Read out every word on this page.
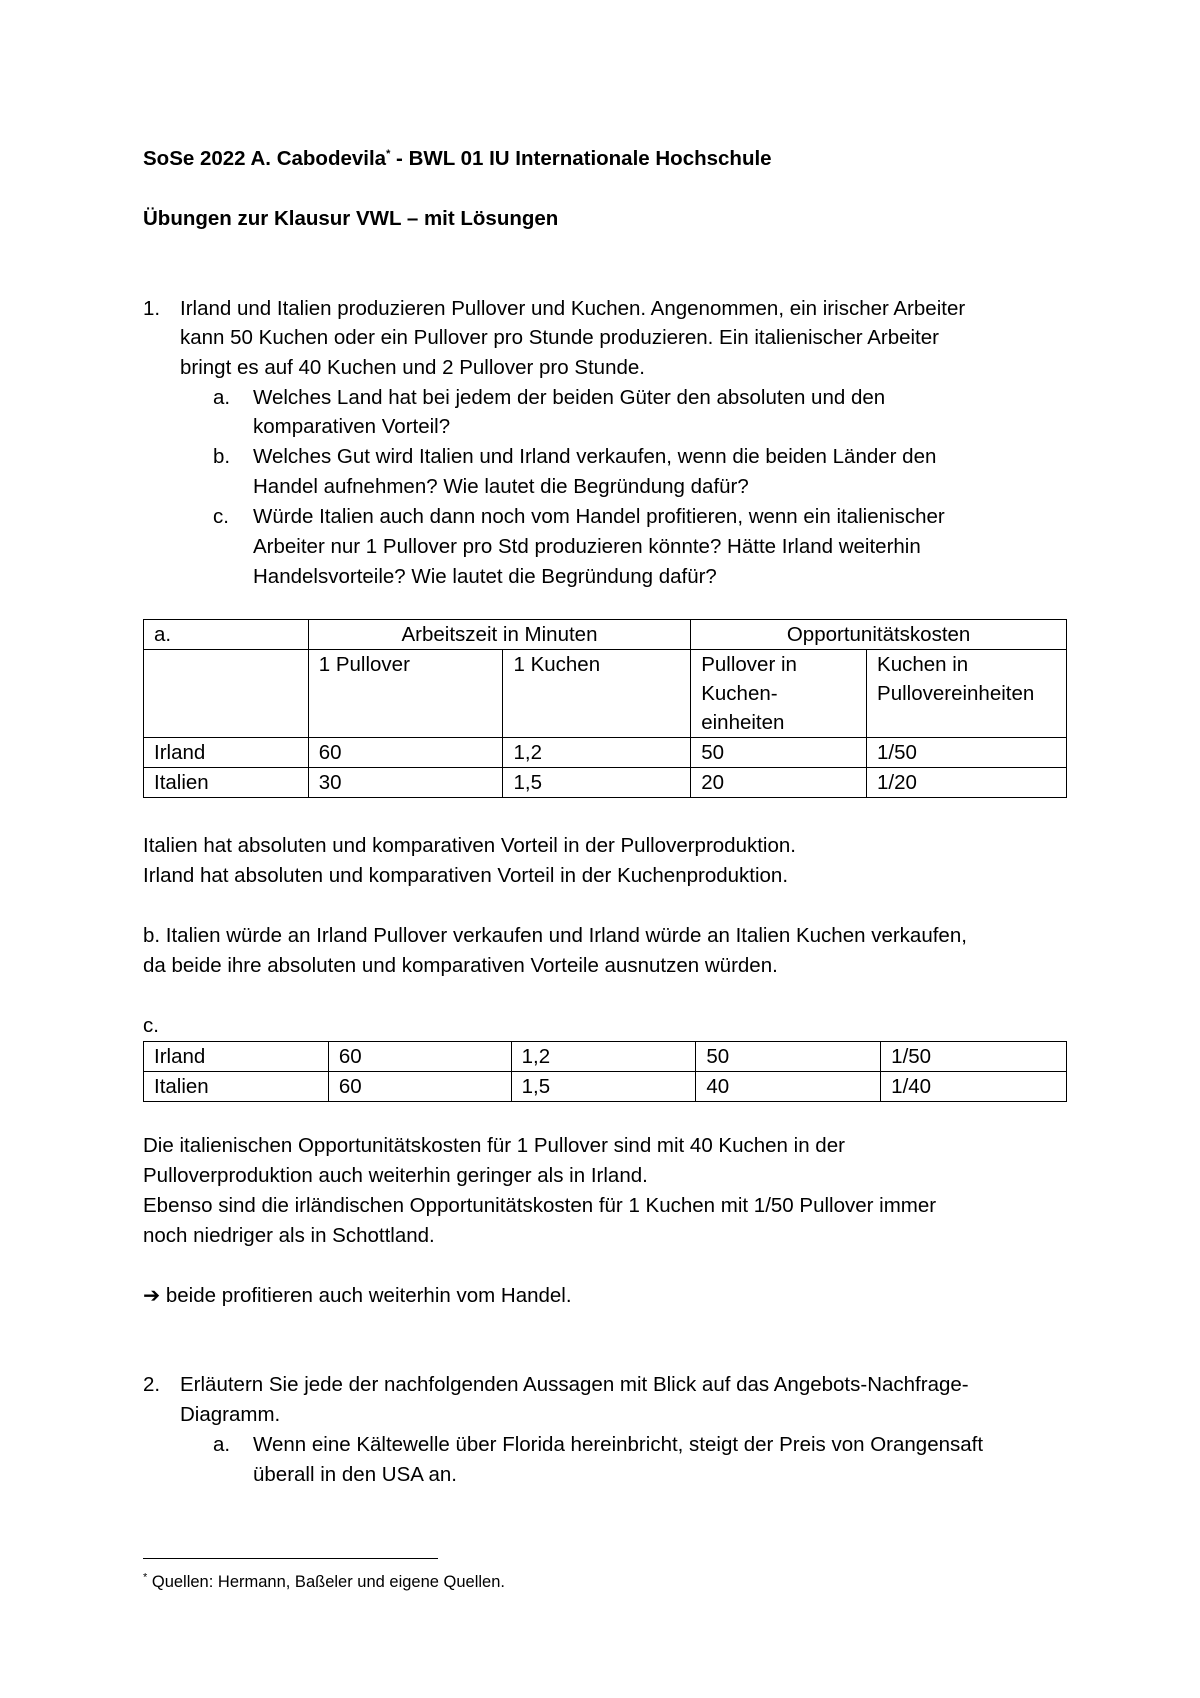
SoSe 2022 A. Cabodevila* - BWL 01 IU Internationale Hochschule
Übungen zur Klausur VWL – mit Lösungen
1. Irland und Italien produzieren Pullover und Kuchen. Angenommen, ein irischer Arbeiter
kann 50 Kuchen oder ein Pullover pro Stunde produzieren. Ein italienischer Arbeiter
bringt es auf 40 Kuchen und 2 Pullover pro Stunde.
a. Welches Land hat bei jedem der beiden Güter den absoluten und den
komparativen Vorteil?
b. Welches Gut wird Italien und Irland verkaufen, wenn die beiden Länder den
Handel aufnehmen? Wie lautet die Begründung dafür?
c. Würde Italien auch dann noch vom Handel profitieren, wenn ein italienischer
Arbeiter nur 1 Pullover pro Std produzieren könnte? Hätte Irland weiterhin
Handelsvorteile? Wie lautet die Begründung dafür?
a.	Arbeitszeit in Minuten		Opportunitätskosten	
	1 Pullover	1 Kuchen	Pullover in
Kuchen-
einheiten	Kuchen in
Pullovereinheiten
Irland	60	1,2	50	1/50
Italien	30	1,5	20	1/20
Italien hat absoluten und komparativen Vorteil in der Pulloverproduktion.
Irland hat absoluten und komparativen Vorteil in der Kuchenproduktion.
b. Italien würde an Irland Pullover verkaufen und Irland würde an Italien Kuchen verkaufen,
da beide ihre absoluten und komparativen Vorteile ausnutzen würden.
c.
Irland	60	1,2	50	1/50
Italien	60	1,5	40	1/40
Die italienischen Opportunitätskosten für 1 Pullover sind mit 40 Kuchen in der
Pulloverproduktion auch weiterhin geringer als in Irland.
Ebenso sind die irländischen Opportunitätskosten für 1 Kuchen mit 1/50 Pullover immer
noch niedriger als in Schottland.
➔ beide profitieren auch weiterhin vom Handel.
2. Erläutern Sie jede der nachfolgenden Aussagen mit Blick auf das Angebots-Nachfrage-
Diagramm.
a. Wenn eine Kältewelle über Florida hereinbricht, steigt der Preis von Orangensaft
überall in den USA an.
* Quellen: Hermann, Baßeler und eigene Quellen.
